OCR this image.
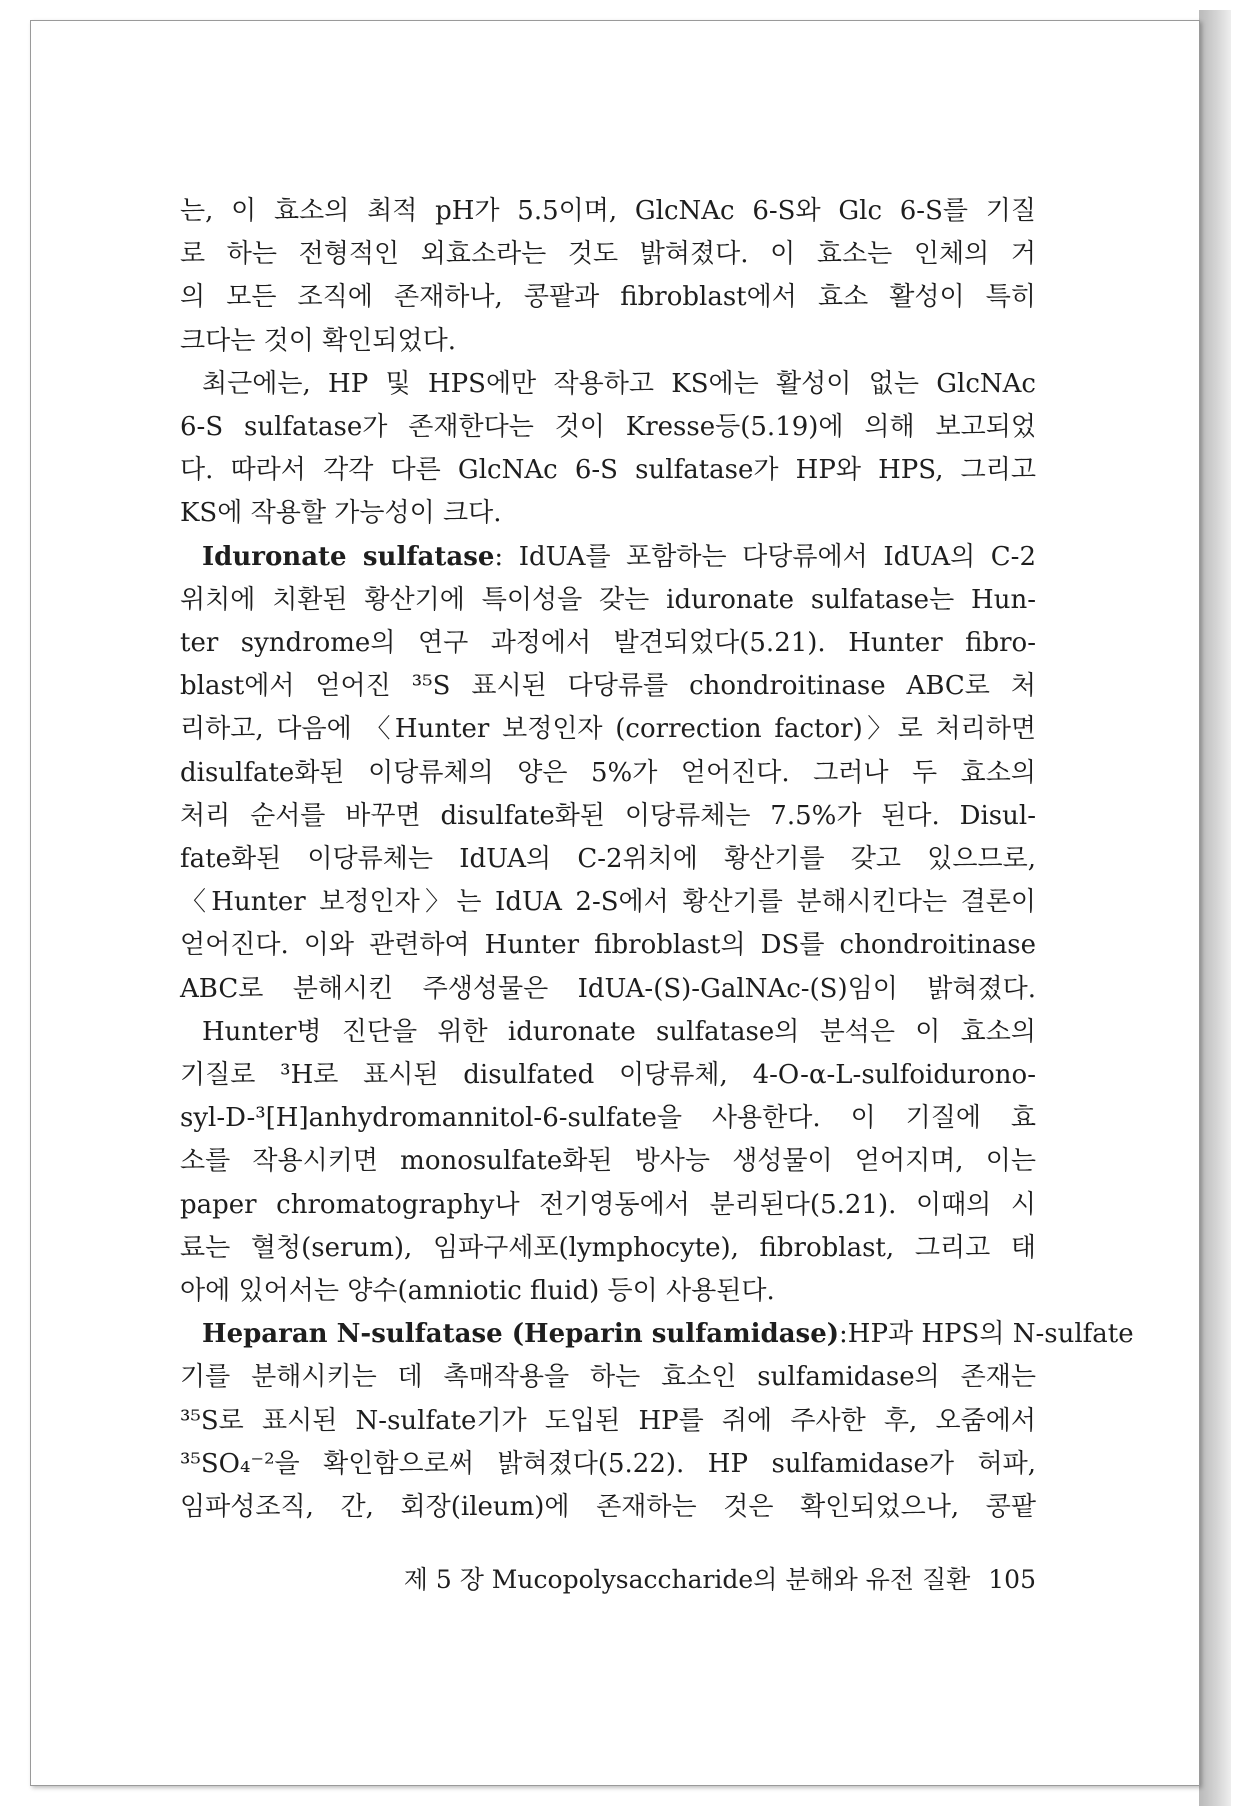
는, 이 효소의 최적 pH가 5.5이며, GlcNAc 6-S와 Glc 6-S를 기질
로 하는 전형적인 외효소라는 것도 밝혀졌다. 이 효소는 인체의 거
의 모든 조직에 존재하나, 콩팥과 fibroblast에서 효소 활성이 특히
크다는 것이 확인되었다.

최근에는, HP 및 HPS에만 작용하고 KS에는 활성이 없는 GlcNAc
6-S sulfatase가 존재한다는 것이 Kresse등(5.19)에 의해 보고되었
다. 따라서 각각 다른 GlcNAc 6-S sulfatase가 HP와 HPS, 그리고
KS에 작용할 가능성이 크다.

Iduronate sulfatase: IdUA를 포함하는 다당류에서 IdUA의 C-2
위치에 치환된 황산기에 특이성을 갖는 iduronate sulfatase는 Hun-
ter syndrome의 연구 과정에서 발견되었다(5.21). Hunter fibro-
blast에서 얻어진 ³⁵S 표시된 다당류를 chondroitinase ABC로 처
리하고, 다음에 〈Hunter 보정인자 (correction factor)〉로 처리하면
disulfate화된 이당류체의 양은 5%가 얻어진다. 그러나 두 효소의
처리 순서를 바꾸면 disulfate화된 이당류체는 7.5%가 된다. Disul-
fate화된 이당류체는 IdUA의 C-2위치에 황산기를 갖고 있으므로,
〈Hunter 보정인자〉는 IdUA 2-S에서 황산기를 분해시킨다는 결론이
얻어진다. 이와 관련하여 Hunter fibroblast의 DS를 chondroitinase
ABC로 분해시킨 주생성물은 IdUA-(S)-GalNAc-(S)임이 밝혀졌다.

Hunter병 진단을 위한 iduronate sulfatase의 분석은 이 효소의
기질로 ³H로 표시된 disulfated 이당류체, 4-O-α-L-sulfoidurono-
syl-D-³[H]anhydromannitol-6-sulfate을 사용한다. 이 기질에 효
소를 작용시키면 monosulfate화된 방사능 생성물이 얻어지며, 이는
paper chromatography나 전기영동에서 분리된다(5.21). 이때의 시
료는 혈청(serum), 임파구세포(lymphocyte), fibroblast, 그리고 태
아에 있어서는 양수(amniotic fluid) 등이 사용된다.

Heparan N-sulfatase (Heparin sulfamidase):HP과 HPS의 N-sulfate
기를 분해시키는 데 촉매작용을 하는 효소인 sulfamidase의 존재는
³⁵S로 표시된 N-sulfate기가 도입된 HP를 쥐에 주사한 후, 오줌에서
³⁵SO₄⁻²을 확인함으로써 밝혀졌다(5.22). HP sulfamidase가 허파,
임파성조직, 간, 회장(ileum)에 존재하는 것은 확인되었으나, 콩팥

제 5 장 Mucopolysaccharide의 분해와 유전 질환 105
